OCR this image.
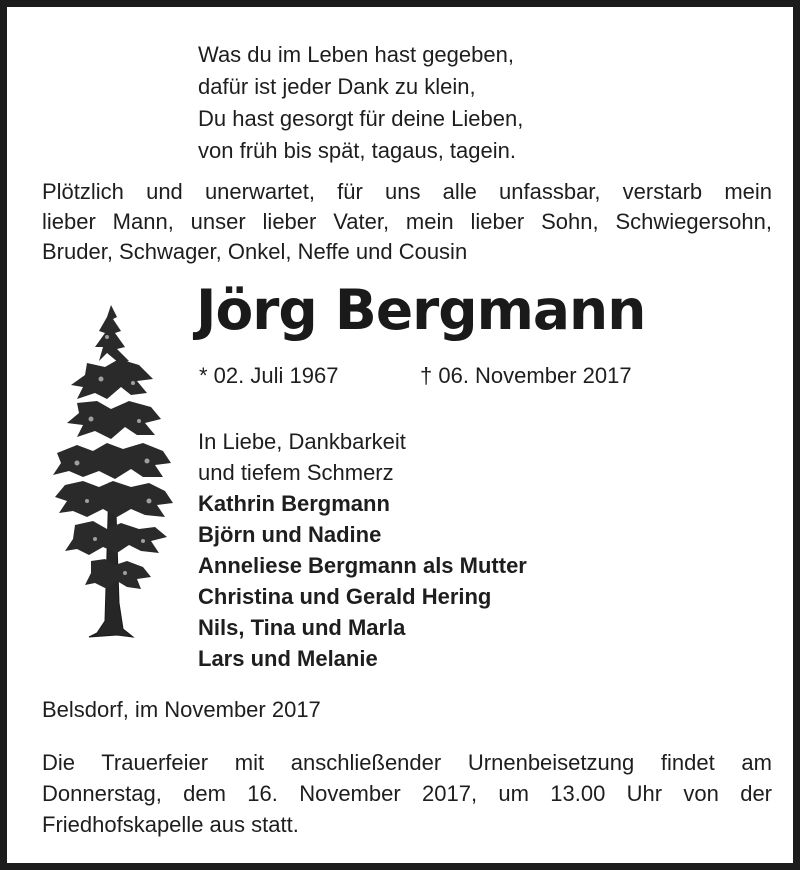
Was du im Leben hast gegeben,
dafür ist jeder Dank zu klein,
Du hast gesorgt für deine Lieben,
von früh bis spät, tagaus, tagein.
Plötzlich und unerwartet, für uns alle unfassbar, verstarb mein
lieber Mann, unser lieber Vater, mein lieber Sohn, Schwiegersohn,
Bruder, Schwager, Onkel, Neffe und Cousin
Jörg Bergmann
* 02. Juli 1967	† 06. November 2017
In Liebe, Dankbarkeit
und tiefem Schmerz
Kathrin Bergmann
Björn und Nadine
Anneliese Bergmann als Mutter
Christina und Gerald Hering
Nils, Tina und Marla
Lars und Melanie
Belsdorf, im November 2017
Die Trauerfeier mit anschließender Urnenbeisetzung findet am
Donnerstag, dem 16. November 2017, um 13.00 Uhr von der
Friedhofskapelle aus statt.
